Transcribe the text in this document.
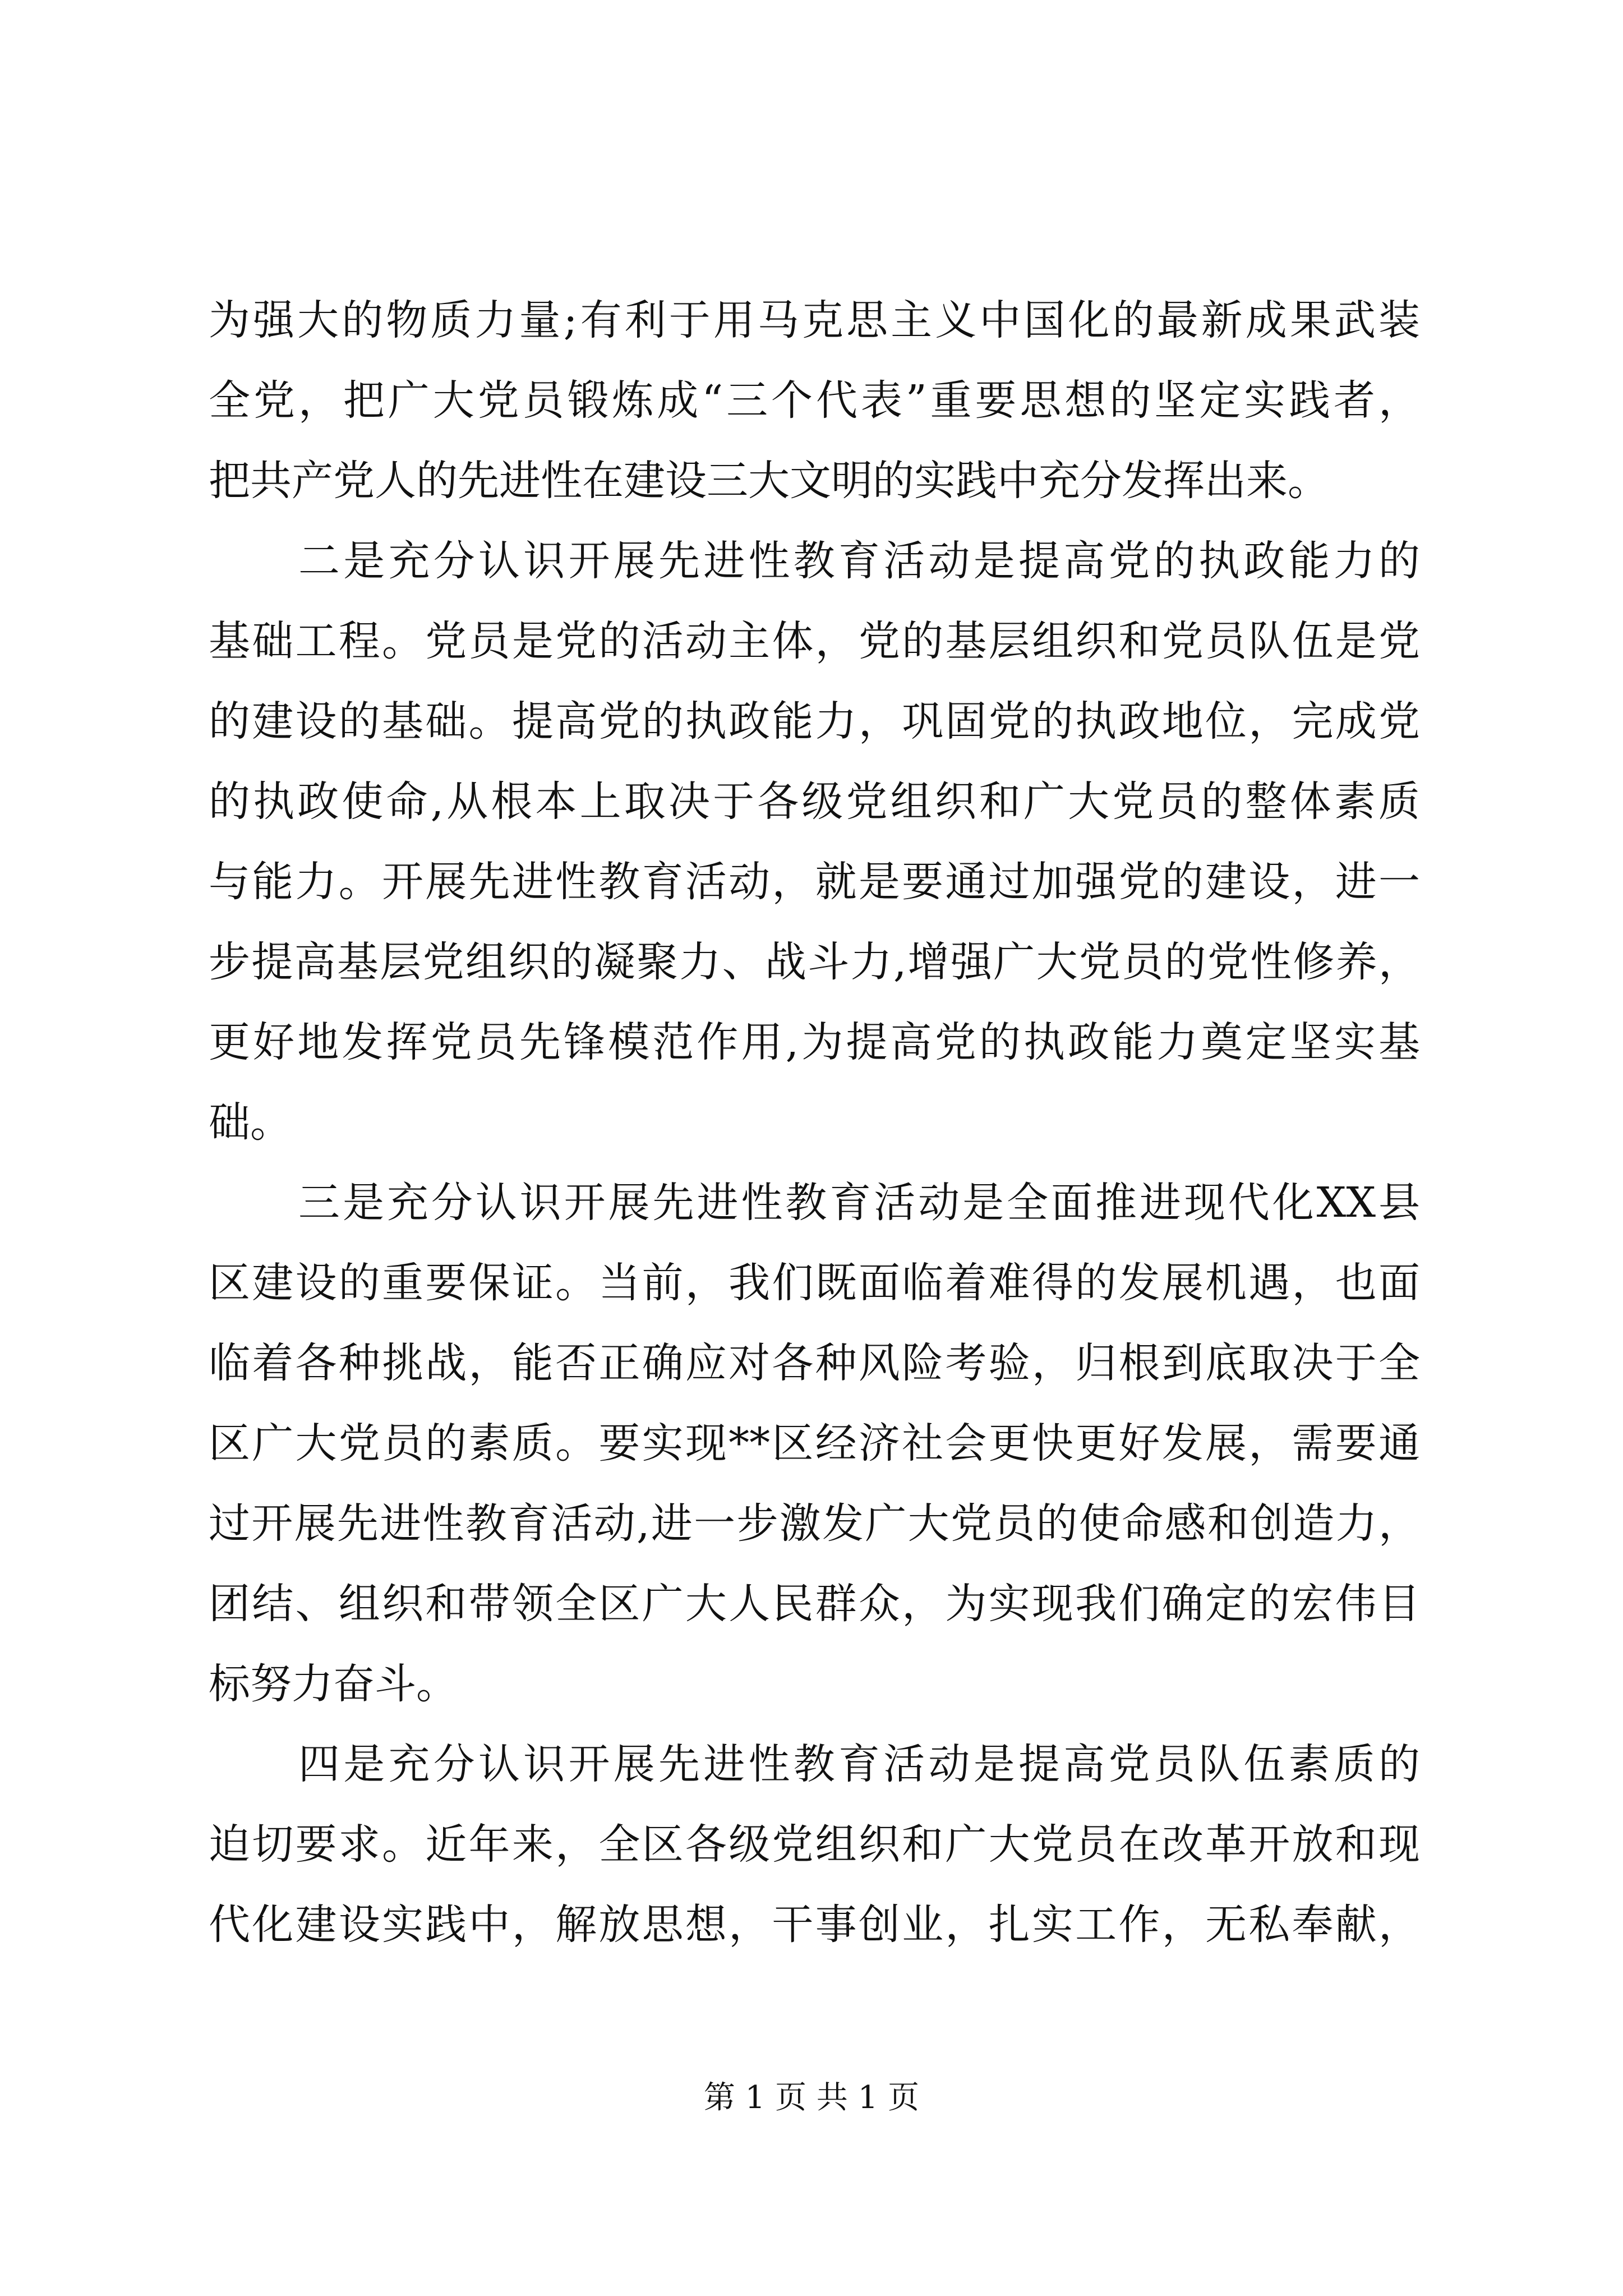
为强大的物质力量;有利于用马克思主义中国化的最新成果武装
全党，把广大党员锻炼成“三个代表”重要思想的坚定实践者，
把共产党人的先进性在建设三大文明的实践中充分发挥出来。
二是充分认识开展先进性教育活动是提高党的执政能力的
基础工程。党员是党的活动主体，党的基层组织和党员队伍是党
的建设的基础。提高党的执政能力，巩固党的执政地位，完成党
的执政使命,从根本上取决于各级党组织和广大党员的整体素质
与能力。开展先进性教育活动，就是要通过加强党的建设，进一
步提高基层党组织的凝聚力、战斗力,增强广大党员的党性修养，
更好地发挥党员先锋模范作用,为提高党的执政能力奠定坚实基
础。
三是充分认识开展先进性教育活动是全面推进现代化XX县
区建设的重要保证。当前，我们既面临着难得的发展机遇，也面
临着各种挑战，能否正确应对各种风险考验，归根到底取决于全
区广大党员的素质。要实现**区经济社会更快更好发展，需要通
过开展先进性教育活动,进一步激发广大党员的使命感和创造力，
团结、组织和带领全区广大人民群众，为实现我们确定的宏伟目
标努力奋斗。
四是充分认识开展先进性教育活动是提高党员队伍素质的
迫切要求。近年来，全区各级党组织和广大党员在改革开放和现
代化建设实践中，解放思想，干事创业，扎实工作，无私奉献，
第 1 页 共 1 页
